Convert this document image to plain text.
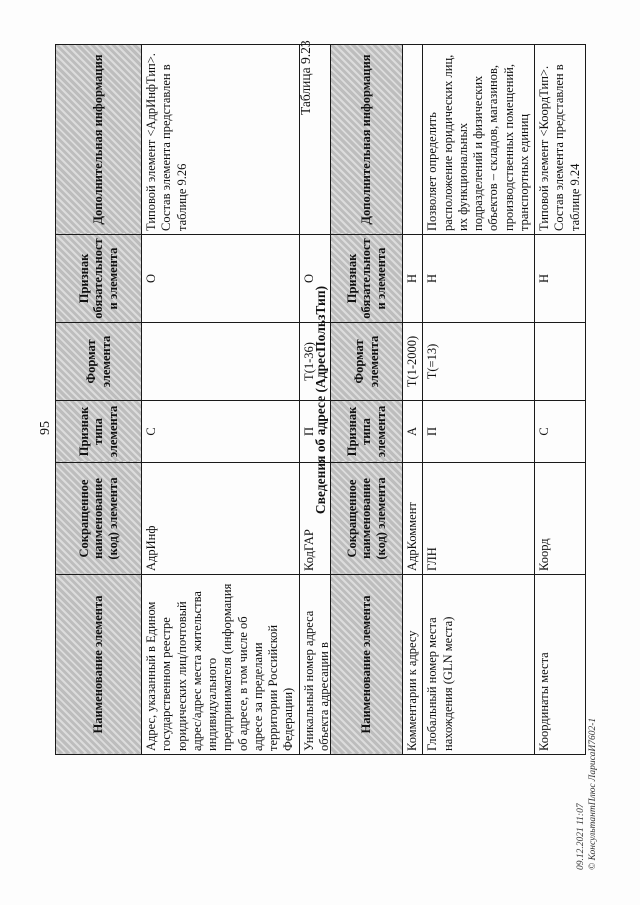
95
Наименование элемента	Сокращенное наименование (код) элемента	Признак типа элемента	Формат элемента	Признак обязательности элемента	Дополнительная информация
Адрес, указанный в Едином государственном реестре юридических лиц/почтовый адрес/адрес места жительства индивидуального предпринимателя (информация об адресе, в том числе об адресе за пределами территории Российской Федерации)	АдрИнф	С		О	Типовой элемент <АдрИнфТип>. Состав элемента представлен в таблице 9.26

Уникальный номер адреса объекта адресации в	КодГАР	П	T(1-36)	О	
Таблица 9.23
Сведения об адресе (АдресПользТип)
Наименование элемента	Сокращенное наименование (код) элемента	Признак типа элемента	Формат элемента	Признак обязательности элемента	Дополнительная информация
Комментарии к адресу	АдрКоммент	А	T(1-2000)	Н	

Глобальный номер места нахождения (GLN места)	ГЛН	П	T(=13)	Н	Позволяет определить расположение юридических лиц, их функциональных подразделений и физических объектов – складов, магазинов, производственных помещений, транспортных единиц

Координаты места	Коорд	С		Н	Типовой элемент <КоордТип>. Состав элемента представлен в таблице 9.24
09.12.2021 11:07 © КонсультантПлюс ЛарисаИ7602-1
